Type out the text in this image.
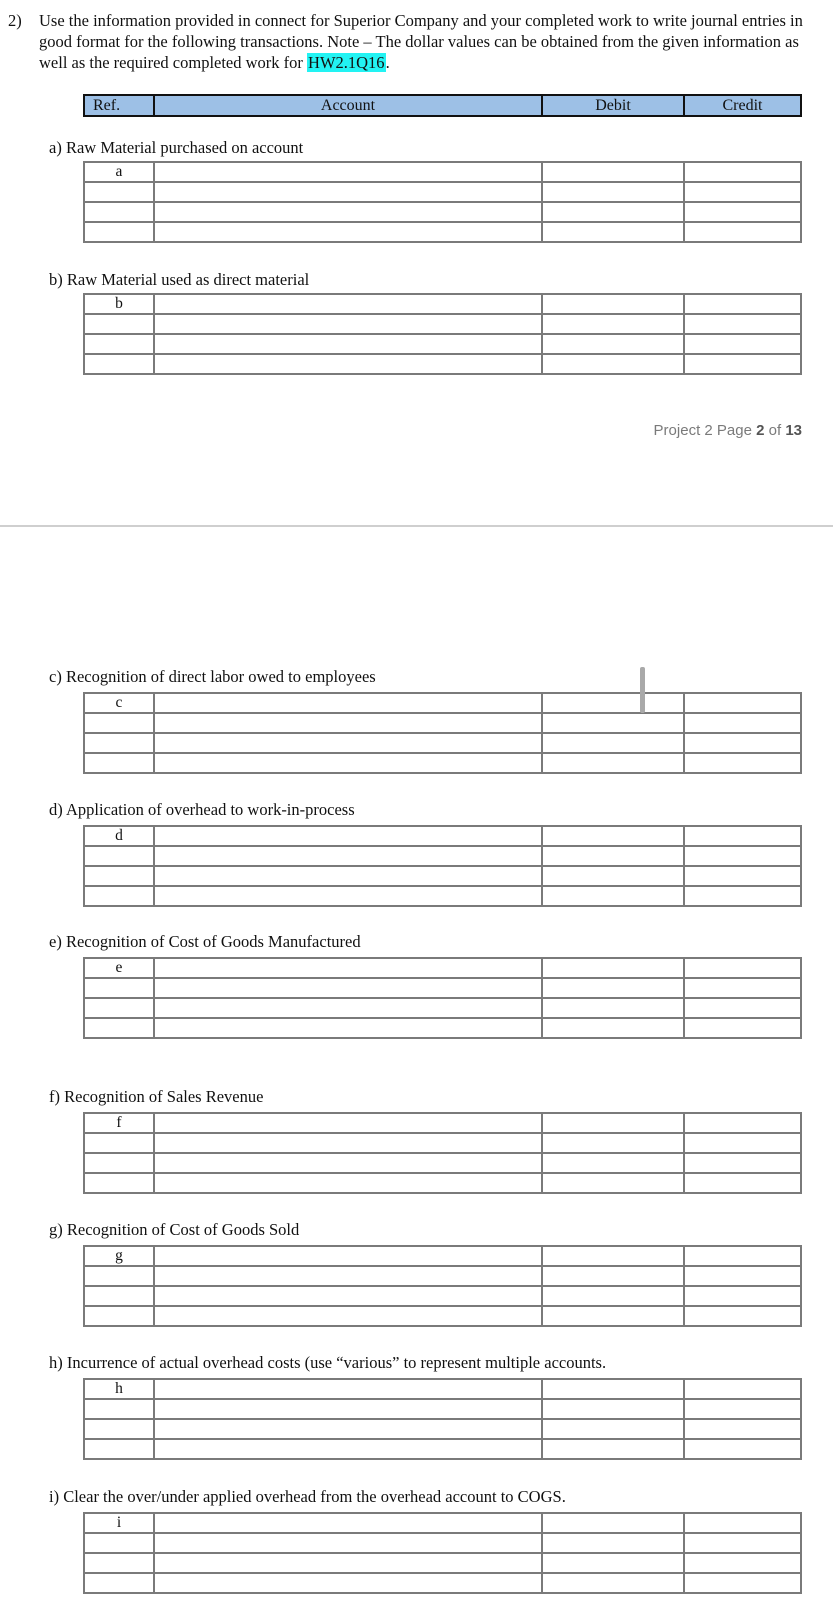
2) Use the information provided in connect for Superior Company and your completed work to write journal entries in good format for the following transactions. Note – The dollar values can be obtained from the given information as well as the required completed work for HW2.1Q16.
Ref.	Account	Debit	Credit
a) Raw Material purchased on account
a			

b) Raw Material used as direct material
b			

c) Recognition of direct labor owed to employees
c			

d) Application of overhead to work-in-process
d			

e) Recognition of Cost of Goods Manufactured
e			

f) Recognition of Sales Revenue
f			

g) Recognition of Cost of Goods Sold
g			

h) Incurrence of actual overhead costs (use “various” to represent multiple accounts.
h			

i) Clear the over/under applied overhead from the overhead account to COGS.
i			

Project 2 Page 2 of 13
